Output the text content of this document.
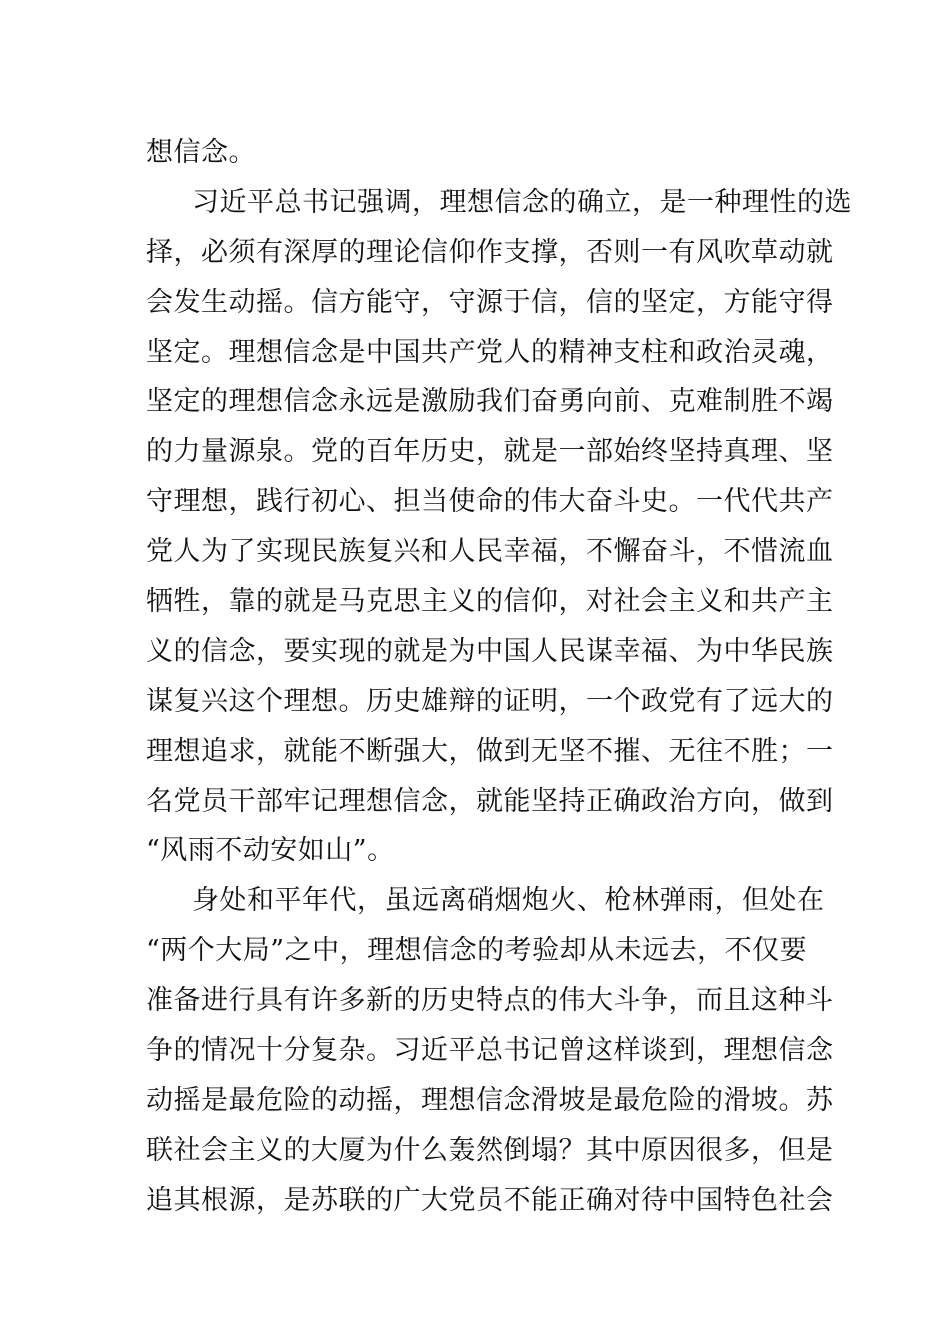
想信念。
习近平总书记强调，理想信念的确立，是一种理性的选
择，必须有深厚的理论信仰作支撑，否则一有风吹草动就
会发生动摇。信方能守，守源于信，信的坚定，方能守得
坚定。理想信念是中国共产党人的精神支柱和政治灵魂，
坚定的理想信念永远是激励我们奋勇向前、克难制胜不竭
的力量源泉。党的百年历史，就是一部始终坚持真理、坚
守理想，践行初心、担当使命的伟大奋斗史。一代代共产
党人为了实现民族复兴和人民幸福，不懈奋斗，不惜流血
牺牲，靠的就是马克思主义的信仰，对社会主义和共产主
义的信念，要实现的就是为中国人民谋幸福、为中华民族
谋复兴这个理想。历史雄辩的证明，一个政党有了远大的
理想追求，就能不断强大，做到无坚不摧、无往不胜；一
名党员干部牢记理想信念，就能坚持正确政治方向，做到
“风雨不动安如山”。
身处和平年代，虽远离硝烟炮火、枪林弹雨，但处在
“两个大局”之中，理想信念的考验却从未远去，不仅要
准备进行具有许多新的历史特点的伟大斗争，而且这种斗
争的情况十分复杂。习近平总书记曾这样谈到，理想信念
动摇是最危险的动摇，理想信念滑坡是最危险的滑坡。苏
联社会主义的大厦为什么轰然倒塌？其中原因很多，但是
追其根源，是苏联的广大党员不能正确对待中国特色社会
